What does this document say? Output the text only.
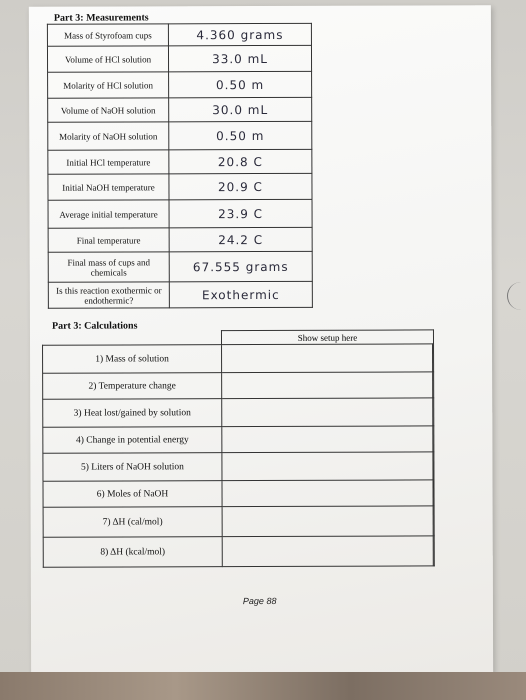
Part 3: Measurements
Mass of Styrofoam cups	4.360 grams
Volume of HCl solution	33.0 mL
Molarity of HCl solution	0.50 m
Volume of NaOH solution	30.0 mL
Molarity of NaOH solution	0.50 m
Initial HCl temperature	20.8 C
Initial NaOH temperature	20.9 C
Average initial temperature	23.9 C
Final temperature	24.2 C
Final mass of cups and chemicals	67.555 grams
Is this reaction exothermic or endothermic?	Exothermic
Part 3: Calculations
	Show setup here	
1) Mass of solution		
2) Temperature change		
3) Heat lost/gained by solution		
4) Change in potential energy		
5) Liters of NaOH solution		
6) Moles of NaOH		
7) ΔH (cal/mol)		
8) ΔH (kcal/mol)		
Page 88
